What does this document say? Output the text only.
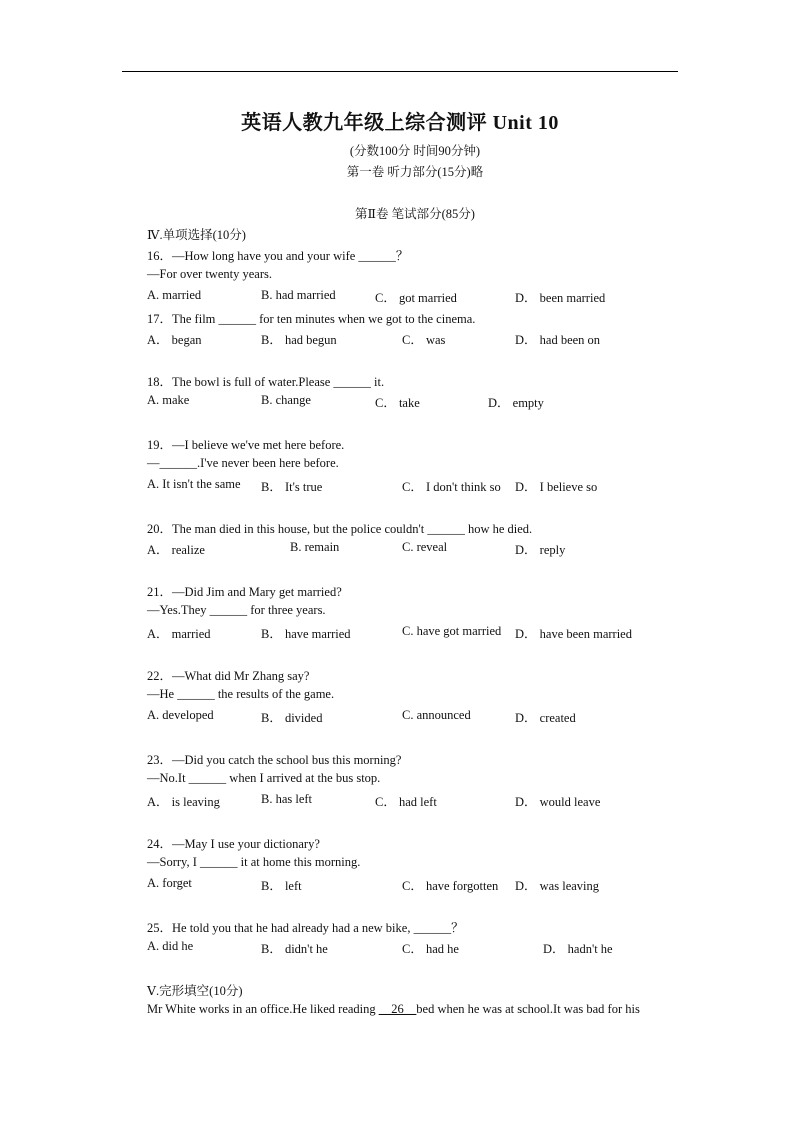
英语人教九年级上综合测评 Unit 10
(分数100分 时间90分钟)
第一卷 听力部分(15分)略
第Ⅱ卷 笔试部分(85分)
Ⅳ.单项选择(10分)
16．—How long have you and your wife ______？
—For over twenty years.
A. married	B. had married	C． got married	D． been married
17．The film ______ for ten minutes when we got to the cinema.
A． began	B． had begun	C． was	D． had been on
18．The bowl is full of water.Please ______ it.
A. make	B. change	C． take	D． empty
19．—I believe we've met here before.
—______.I've never been here before.
A. It isn't the same B． It's true	C． I don't think so D． I believe so
20．The man died in this house, but the police couldn't ______ how he died.
A． realize	B. remain	C. reveal	D． reply
21．—Did Jim and Mary get married?
—Yes.They ______ for three years.
A． married	B． have married	C. have got married D． have been married
22．—What did Mr Zhang say?
—He ______ the results of the game.
A. developed	B． divided	C. announced	D． created
23．—Did you catch the school bus this morning?
—No.It ______ when I arrived at the bus stop.
A． is leaving	B. has left	C． had left	D． would leave
24．—May I use your dictionary?
—Sorry, I ______ it at home this morning.
A. forget	B． left	C． have forgotten D． was leaving
25．He told you that he had already had a new bike, ______？
A. did he	B． didn't he	C． had he	D． hadn't he
Ⅴ.完形填空(10分)
Mr White works in an office.He liked reading __26__bed when he was at school.It was bad for his
